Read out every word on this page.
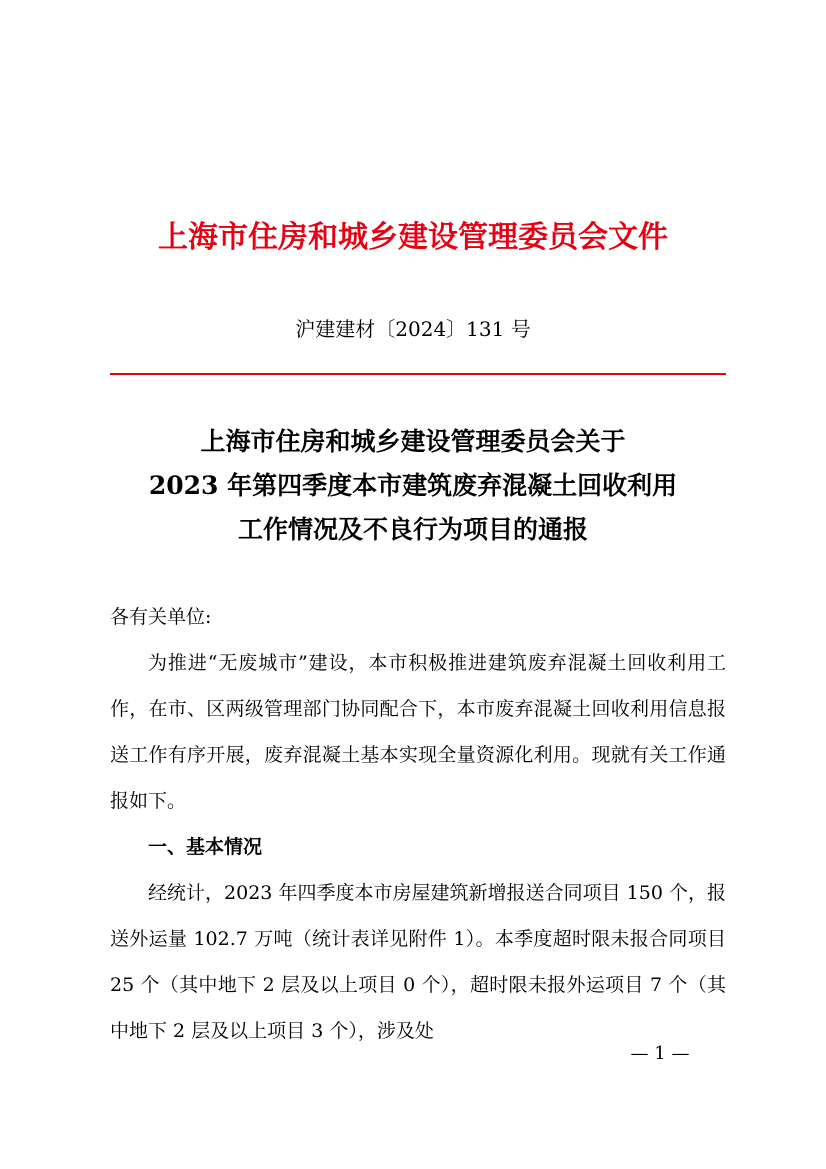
上海市住房和城乡建设管理委员会文件
沪建建材〔2024〕131 号
上海市住房和城乡建设管理委员会关于
2023 年第四季度本市建筑废弃混凝土回收利用
工作情况及不良行为项目的通报

各有关单位:

为推进“无废城市”建设，本市积极推进建筑废弃混凝土回收利用工作，在市、区两级管理部门协同配合下，本市废弃混凝土回收利用信息报送工作有序开展，废弃混凝土基本实现全量资源化利用。现就有关工作通报如下。

一、基本情况

经统计，2023 年四季度本市房屋建筑新增报送合同项目 150 个，报送外运量 102.7 万吨（统计表详见附件 1）。本季度超时限未报合同项目 25 个（其中地下 2 层及以上项目 0 个），超时限未报外运项目 7 个（其中地下 2 层及以上项目 3 个），涉及处

— 1 —
